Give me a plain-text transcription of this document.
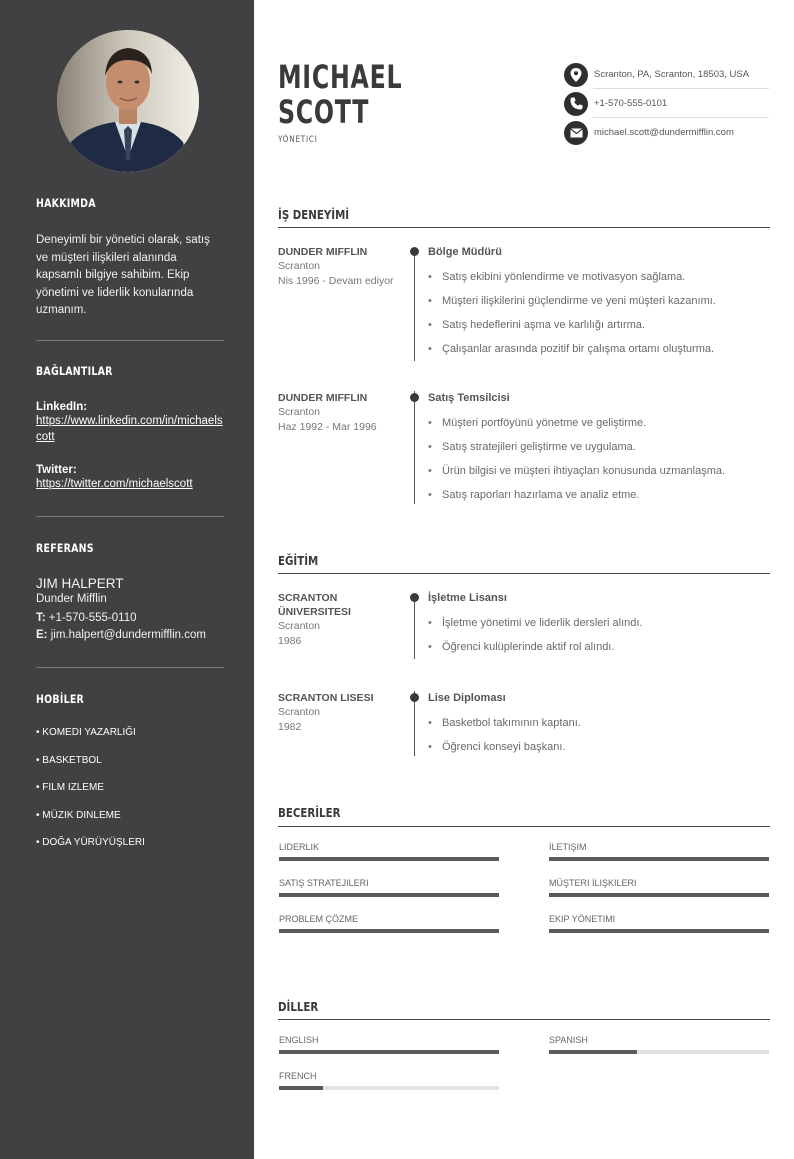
HAKKIMDA
Deneyimli bir yönetici olarak, satış ve müşteri ilişkileri alanında kapsamlı bilgiye sahibim. Ekip yönetimi ve liderlik konularında uzmanım.
BAĞLANTILAR
LinkedIn:
https://www.linkedin.com/in/michaelscott
Twitter:
https://twitter.com/michaelscott
REFERANS
JIM HALPERT
Dunder Mifflin
T: +1-570-555-0110
E: jim.halpert@dundermifflin.com
HOBİLER
• KOMEDI YAZARLIĞI
• BASKETBOL
• FILM IZLEME
• MÜZIK DINLEME
• DOĞA YÜRÜYÜŞLERI
MICHAEL
SCOTT
YÖNETICI
Scranton, PA, Scranton, 18503, USA
+1-570-555-0101
michael.scott@dundermifflin.com
İŞ DENEYİMİ
DUNDER MIFFLIN
Scranton
Nis 1996 - Devam ediyor
Bölge Müdürü
• Satış ekibini yönlendirme ve motivasyon sağlama.
• Müşteri ilişkilerini güçlendirme ve yeni müşteri kazanımı.
• Satış hedeflerini aşma ve karlılığı artırma.
• Çalışanlar arasında pozitif bir çalışma ortamı oluşturma.
DUNDER MIFFLIN
Scranton
Haz 1992 - Mar 1996
Satış Temsilcisi
• Müşteri portföyünü yönetme ve geliştirme.
• Satış stratejileri geliştirme ve uygulama.
• Ürün bilgisi ve müşteri ihtiyaçları konusunda uzmanlaşma.
• Satış raporları hazırlama ve analiz etme.
EĞİTİM
SCRANTON ÜNIVERSITESI
Scranton
1986
İşletme Lisansı
• İşletme yönetimi ve liderlik dersleri alındı.
• Öğrenci kulüplerinde aktif rol alındı.
SCRANTON LISESI
Scranton
1982
Lise Diploması
• Basketbol takımının kaptanı.
• Öğrenci konseyi başkanı.
BECERİLER
LIDERLIK	İLETIŞIM
SATIŞ STRATEJILERI	MÜŞTERI İLIŞKILERI
PROBLEM ÇÖZME	EKIP YÖNETIMI
DİLLER
ENGLISH	SPANISH
FRENCH
